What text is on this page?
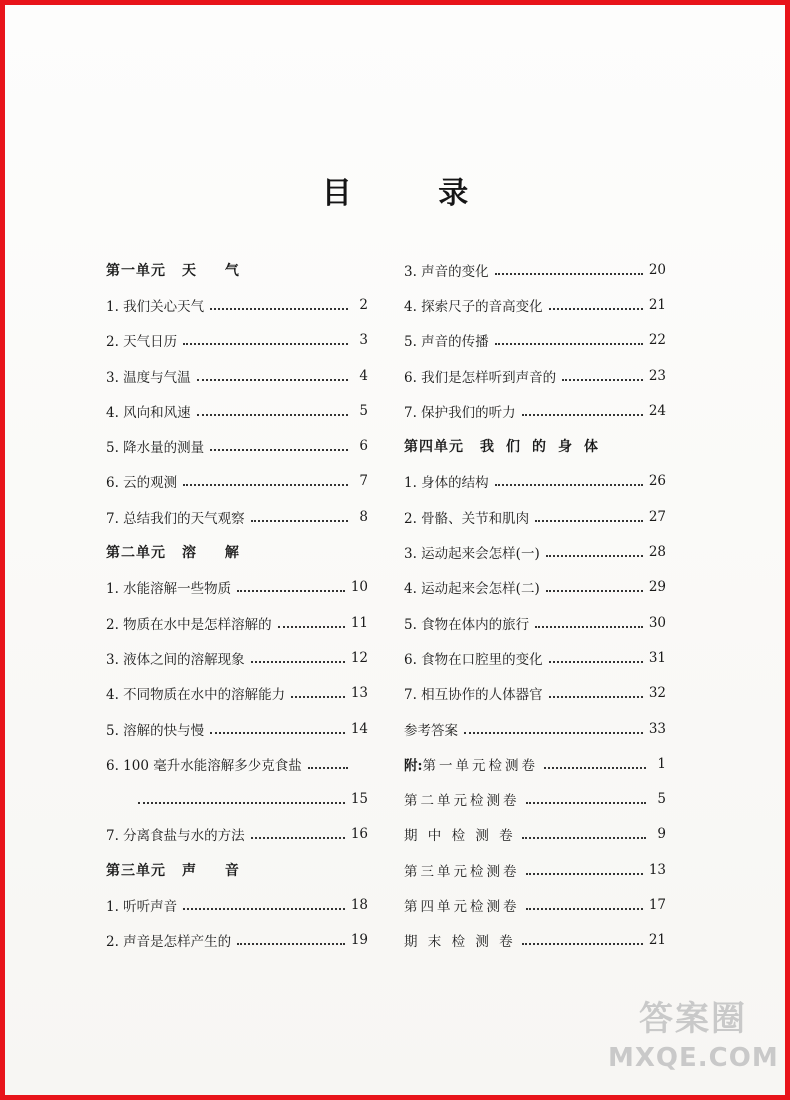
目 录
第一单元 天 气
1. 我们关心天气	2
2. 天气日历	3
3. 温度与气温	4
4. 风向和风速	5
5. 降水量的测量	6
6. 云的观测	7
7. 总结我们的天气观察	8
第二单元 溶 解
1. 水能溶解一些物质	10
2. 物质在水中是怎样溶解的	11
3. 液体之间的溶解现象	12
4. 不同物质在水中的溶解能力	13
5. 溶解的快与慢	14
6. 100 毫升水能溶解多少克食盐
15
7. 分离食盐与水的方法	16
第三单元 声 音
1. 听听声音	18
2. 声音是怎样产生的	19
3. 声音的变化	20
4. 探索尺子的音高变化	21
5. 声音的传播	22
6. 我们是怎样听到声音的	23
7. 保护我们的听力	24
第四单元 我们的身体
1. 身体的结构	26
2. 骨骼、关节和肌肉	27
3. 运动起来会怎样(一)	28
4. 运动起来会怎样(二)	29
5. 食物在体内的旅行	30
6. 食物在口腔里的变化	31
7. 相互协作的人体器官	32
参考答案	33
附:第一单元检测卷	1
第二单元检测卷	5
期 中 检 测 卷	9
第三单元检测卷	13
第四单元检测卷	17
期 末 检 测 卷	21
答案圈
MXQE.COM
